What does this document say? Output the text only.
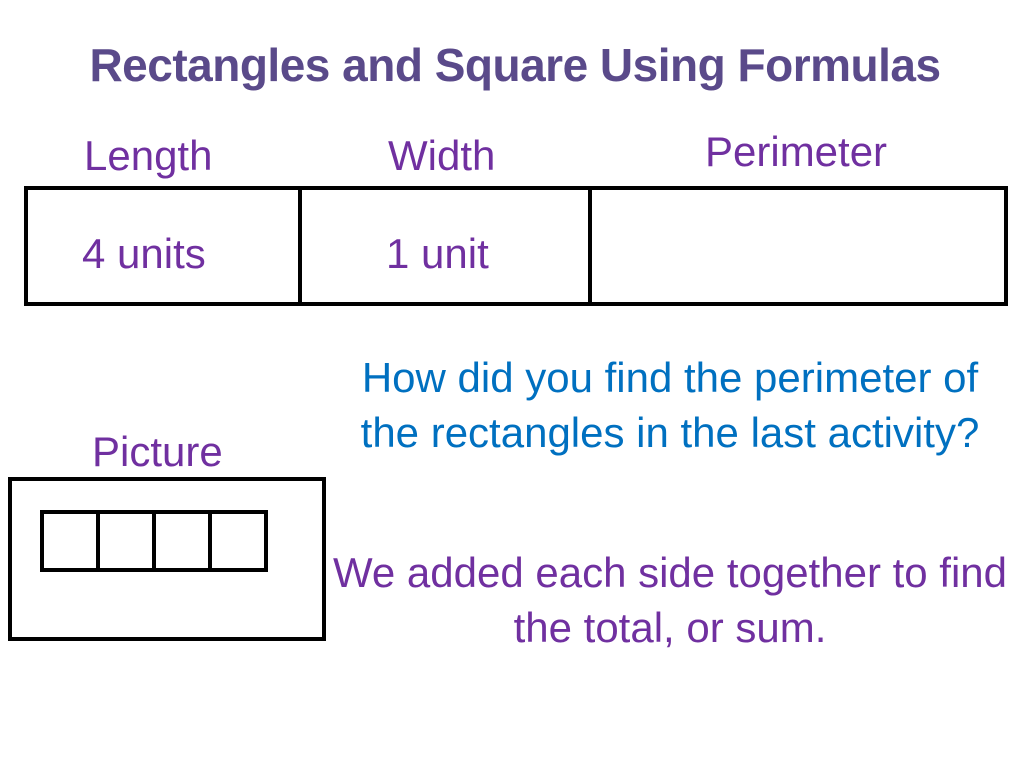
Rectangles and Square Using Formulas
Length	Width	Perimeter
4 units	1 unit
Picture
How did you find the perimeter of the rectangles in the last activity?
We added each side together to find the total, or sum.
